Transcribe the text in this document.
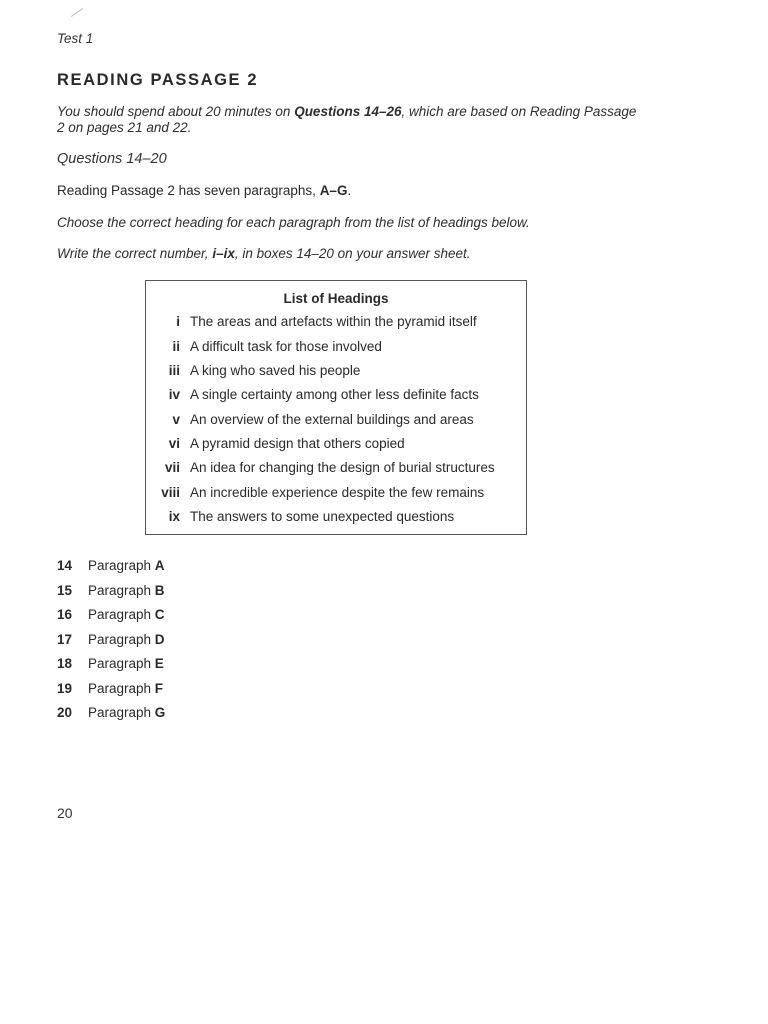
Test 1
READING PASSAGE 2
You should spend about 20 minutes on Questions 14–26, which are based on Reading Passage 2 on pages 21 and 22.
Questions 14–20
Reading Passage 2 has seven paragraphs, A–G.
Choose the correct heading for each paragraph from the list of headings below.
Write the correct number, i–ix, in boxes 14–20 on your answer sheet.
List of Headings
i The areas and artefacts within the pyramid itself
ii A difficult task for those involved
iii A king who saved his people
iv A single certainty among other less definite facts
v An overview of the external buildings and areas
vi A pyramid design that others copied
vii An idea for changing the design of burial structures
viii An incredible experience despite the few remains
ix The answers to some unexpected questions
14 Paragraph A
15 Paragraph B
16 Paragraph C
17 Paragraph D
18 Paragraph E
19 Paragraph F
20 Paragraph G
20
